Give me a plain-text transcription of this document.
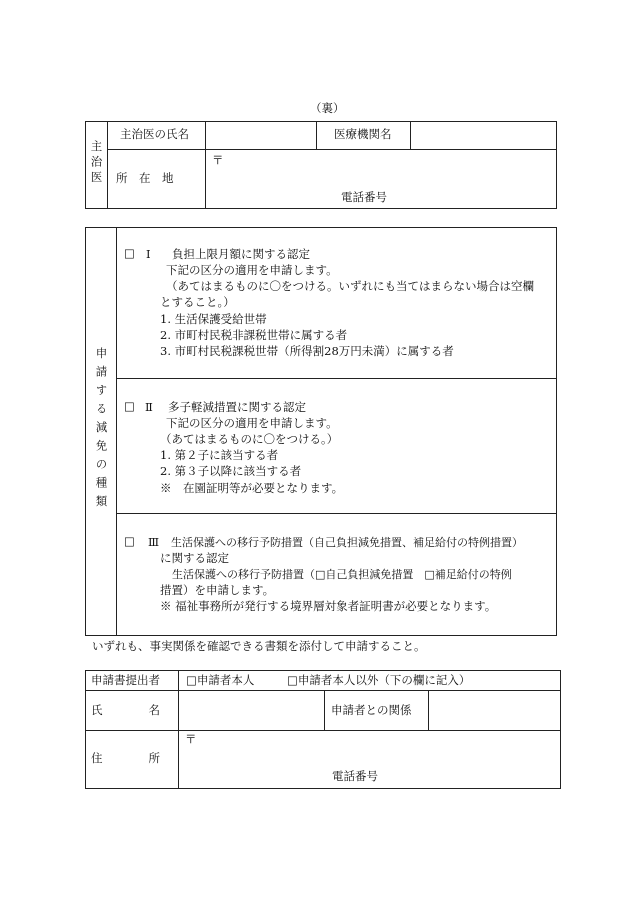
（裏）
主治医
主治医の氏名	医療機関名
所　在　地
〒
電話番号
申請する減免の種類
□ Ⅰ 負担上限月額に関する認定
下記の区分の適用を申請します。
（あてはまるものに〇をつける。いずれにも当てはまらない場合は空欄
とすること。）
1. 生活保護受給世帯
2. 市町村民税非課税世帯に属する者
3. 市町村民税課税世帯（所得割28万円未満）に属する者
□ Ⅱ 多子軽減措置に関する認定
下記の区分の適用を申請します。
（あてはまるものに〇をつける。）
1. 第２子に該当する者
2. 第３子以降に該当する者
※　在園証明等が必要となります。
□ Ⅲ 生活保護への移行予防措置（自己負担減免措置、補足給付の特例措置）
に関する認定
生活保護への移行予防措置（□自己負担減免措置　□補足給付の特例
措置）を申請します。
※ 福祉事務所が発行する境界層対象者証明書が必要となります。
いずれも、事実関係を確認できる書類を添付して申請すること。
申請書提出者 □申請者本人	□申請者本人以外（下の欄に記入）
氏　　　　名	申請者との関係
住　　　　所
〒
電話番号
